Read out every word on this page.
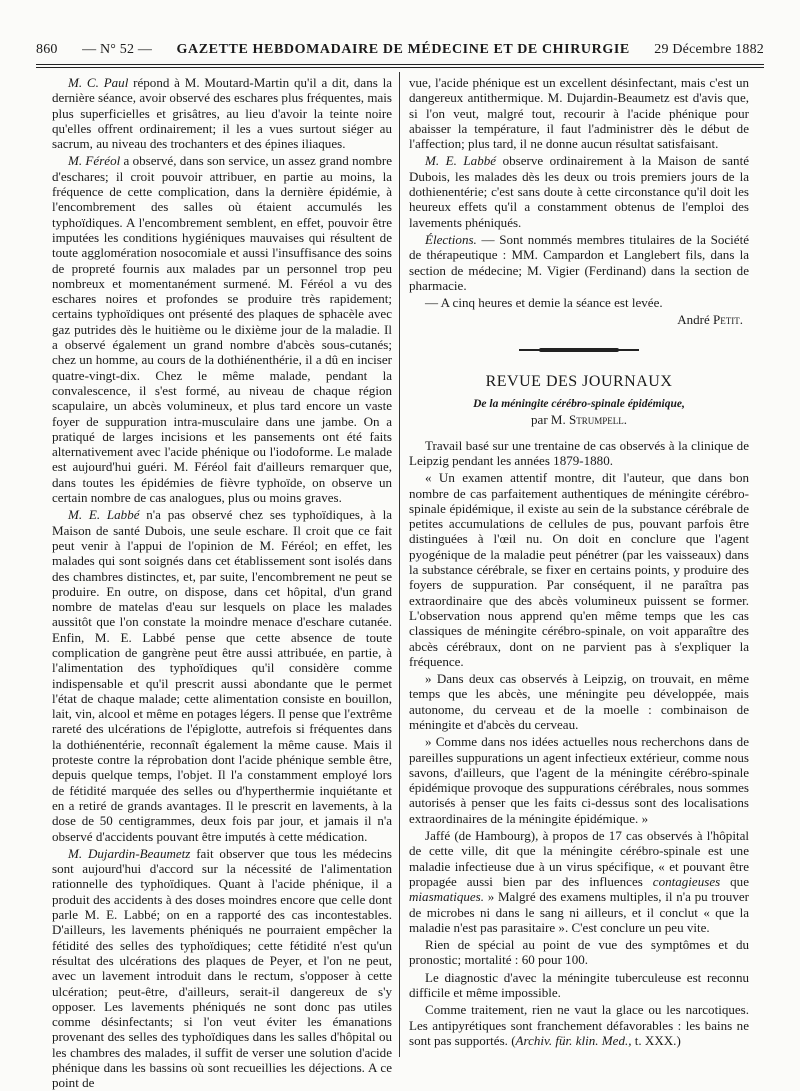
860 — N° 52 — GAZETTE HEBDOMADAIRE DE MÉDECINE ET DE CHIRURGIE 29 Décembre 1882

M. C. Paul répond à M. Moutard-Martin qu'il a dit, dans la dernière séance, avoir observé des eschares plus fréquentes, mais plus superficielles et grisâtres, au lieu d'avoir la teinte noire qu'elles offrent ordinairement; il les a vues surtout siéger au sacrum, au niveau des trochanters et des épines iliaques.

M. Féréol a observé, dans son service, un assez grand nombre d'eschares; il croit pouvoir attribuer, en partie au moins, la fréquence de cette complication, dans la dernière épidémie, à l'encombrement des salles où étaient accumulés les typhoïdiques. A l'encombrement semblent, en effet, pouvoir être imputées les conditions hygiéniques mauvaises qui résultent de toute agglomération nosocomiale et aussi l'insuffisance des soins de propreté fournis aux malades par un personnel trop peu nombreux et momentanément surmené. M. Féréol a vu des eschares noires et profondes se produire très rapidement; certains typhoïdiques ont présenté des plaques de sphacèle avec gaz putrides dès le huitième ou le dixième jour de la maladie. Il a observé également un grand nombre d'abcès sous-cutanés; chez un homme, au cours de la dothiénenthérie, il a dû en inciser quatre-vingt-dix. Chez le même malade, pendant la convalescence, il s'est formé, au niveau de chaque région scapulaire, un abcès volumineux, et plus tard encore un vaste foyer de suppuration intra-musculaire dans une jambe. On a pratiqué de larges incisions et les pansements ont été faits alternativement avec l'acide phénique ou l'iodoforme. Le malade est aujourd'hui guéri. M. Féréol fait d'ailleurs remarquer que, dans toutes les épidémies de fièvre typhoïde, on observe un certain nombre de cas analogues, plus ou moins graves.

M. E. Labbé n'a pas observé chez ses typhoïdiques, à la Maison de santé Dubois, une seule eschare. Il croit que ce fait peut venir à l'appui de l'opinion de M. Féréol; en effet, les malades qui sont soignés dans cet établissement sont isolés dans des chambres distinctes, et, par suite, l'encombrement ne peut se produire. En outre, on dispose, dans cet hôpital, d'un grand nombre de matelas d'eau sur lesquels on place les malades aussitôt que l'on constate la moindre menace d'eschare cutanée. Enfin, M. E. Labbé pense que cette absence de toute complication de gangrène peut être aussi attribuée, en partie, à l'alimentation des typhoïdiques qu'il considère comme indispensable et qu'il prescrit aussi abondante que le permet l'état de chaque malade; cette alimentation consiste en bouillon, lait, vin, alcool et même en potages légers. Il pense que l'extrême rareté des ulcérations de l'épiglotte, autrefois si fréquentes dans la dothiénentérie, reconnaît également la même cause. Mais il proteste contre la réprobation dont l'acide phénique semble être, depuis quelque temps, l'objet. Il l'a constamment employé lors de fétidité marquée des selles ou d'hyperthermie inquiétante et en a retiré de grands avantages. Il le prescrit en lavements, à la dose de 50 centigrammes, deux fois par jour, et jamais il n'a observé d'accidents pouvant être imputés à cette médication.

M. Dujardin-Beaumetz fait observer que tous les médecins sont aujourd'hui d'accord sur la nécessité de l'alimentation rationnelle des typhoïdiques. Quant à l'acide phénique, il a produit des accidents à des doses moindres encore que celle dont parle M. E. Labbé; on en a rapporté des cas incontestables. D'ailleurs, les lavements phéniqués ne pourraient empêcher la fétidité des selles des typhoïdiques; cette fétidité n'est qu'un résultat des ulcérations des plaques de Peyer, et l'on ne peut, avec un lavement introduit dans le rectum, s'opposer à cette ulcération; peut-être, d'ailleurs, serait-il dangereux de s'y opposer. Les lavements phéniqués ne sont donc pas utiles comme désinfectants; si l'on veut éviter les émanations provenant des selles des typhoïdiques dans les salles d'hôpital ou les chambres des malades, il suffit de verser une solution d'acide phénique dans les bassins où sont recueillies les déjections. A ce point de

vue, l'acide phénique est un excellent désinfectant, mais c'est un dangereux antithermique. M. Dujardin-Beaumetz est d'avis que, si l'on veut, malgré tout, recourir à l'acide phénique pour abaisser la température, il faut l'administrer dès le début de l'affection; plus tard, il ne donne aucun résultat satisfaisant.

M. E. Labbé observe ordinairement à la Maison de santé Dubois, les malades dès les deux ou trois premiers jours de la dothienentérie; c'est sans doute à cette circonstance qu'il doit les heureux effets qu'il a constamment obtenus de l'emploi des lavements phéniqués.

Élections. — Sont nommés membres titulaires de la Société de thérapeutique : MM. Campardon et Langlebert fils, dans la section de médecine; M. Vigier (Ferdinand) dans la section de pharmacie.

— A cinq heures et demie la séance est levée.

André Petit.
REVUE DES JOURNAUX
De la méningite cérébro-spinale épidémique,
par M. Strumpell.

Travail basé sur une trentaine de cas observés à la clinique de Leipzig pendant les années 1879-1880.

« Un examen attentif montre, dit l'auteur, que dans bon nombre de cas parfaitement authentiques de méningite cérébro-spinale épidémique, il existe au sein de la substance cérébrale de petites accumulations de cellules de pus, pouvant parfois être distinguées à l'œil nu. On doit en conclure que l'agent pyogénique de la maladie peut pénétrer (par les vaisseaux) dans la substance cérébrale, se fixer en certains points, y produire des foyers de suppuration. Par conséquent, il ne paraîtra pas extraordinaire que des abcès volumineux puissent se former. L'observation nous apprend qu'en même temps que les cas classiques de méningite cérébro-spinale, on voit apparaître des abcès cérébraux, dont on ne parvient pas à s'expliquer la fréquence.

» Dans deux cas observés à Leipzig, on trouvait, en même temps que les abcès, une méningite peu développée, mais autonome, du cerveau et de la moelle : combinaison de méningite et d'abcès du cerveau.

» Comme dans nos idées actuelles nous recherchons dans de pareilles suppurations un agent infectieux extérieur, comme nous savons, d'ailleurs, que l'agent de la méningite cérébro-spinale épidémique provoque des suppurations cérébrales, nous sommes autorisés à penser que les faits ci-dessus sont des localisations extraordinaires de la méningite épidémique. »

Jaffé (de Hambourg), à propos de 17 cas observés à l'hôpital de cette ville, dit que la méningite cérébro-spinale est une maladie infectieuse due à un virus spécifique, « et pouvant être propagée aussi bien par des influences contagieuses que miasmatiques. » Malgré des examens multiples, il n'a pu trouver de microbes ni dans le sang ni ailleurs, et il conclut « que la maladie n'est pas parasitaire ». C'est conclure un peu vite.

Rien de spécial au point de vue des symptômes et du pronostic; mortalité : 60 pour 100.

Le diagnostic d'avec la méningite tuberculeuse est reconnu difficile et même impossible.

Comme traitement, rien ne vaut la glace ou les narcotiques. Les antipyrétiques sont franchement défavorables : les bains ne sont pas supportés. (Archiv. für. klin. Med., t. XXX.)
